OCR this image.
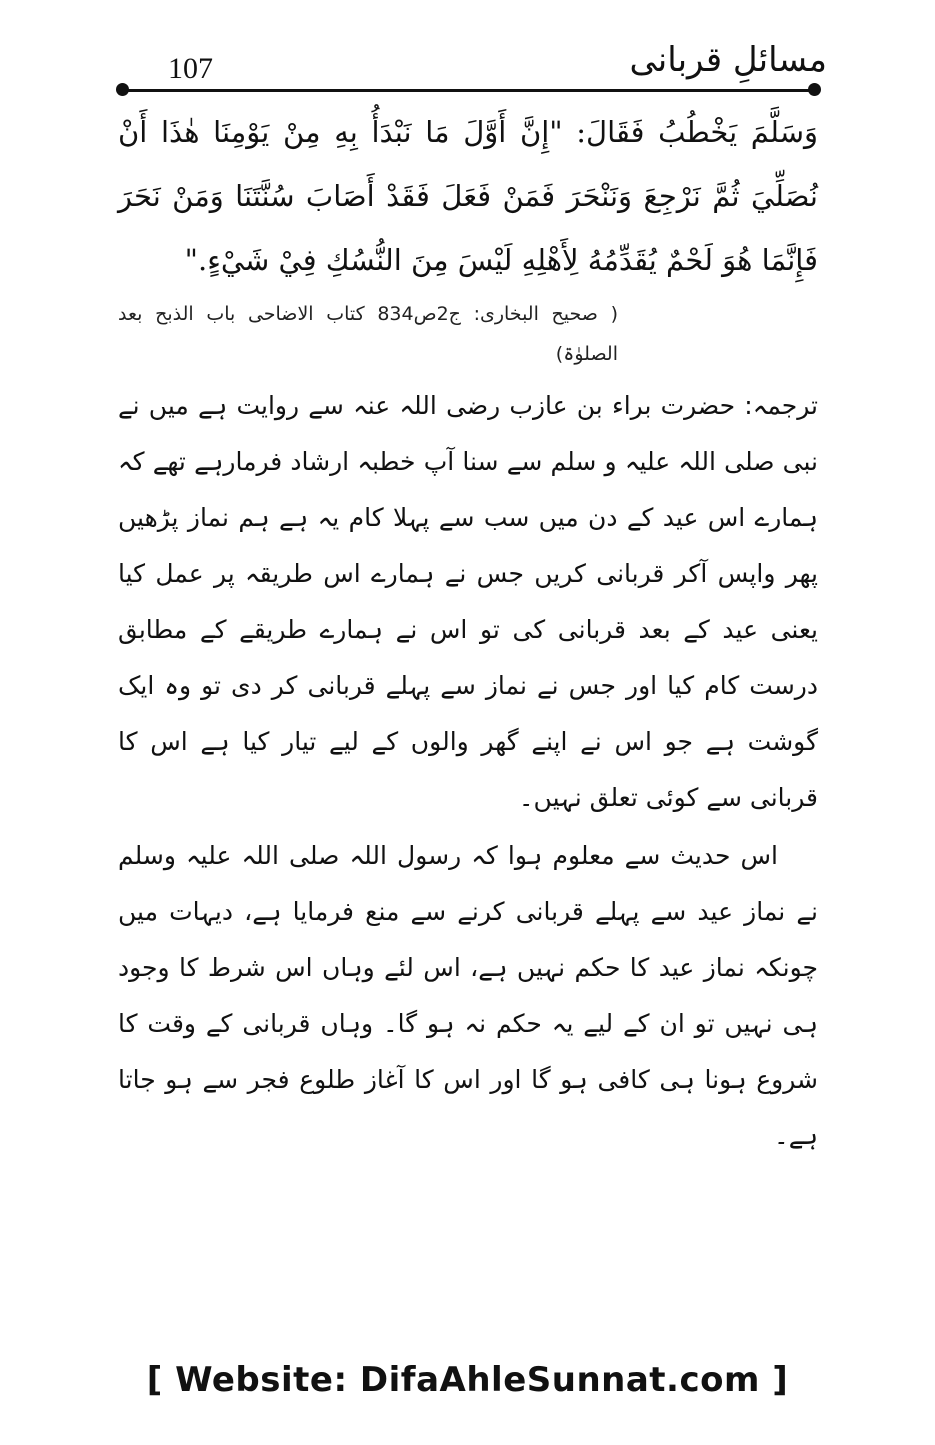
107	مسائلِ قربانی

وَسَلَّمَ يَخْطُبُ فَقَالَ: "إِنَّ أَوَّلَ مَا نَبْدَأُ بِهِ مِنْ يَوْمِنَا هٰذَا أَنْ نُصَلِّيَ ثُمَّ نَرْجِعَ وَنَنْحَرَ فَمَنْ فَعَلَ فَقَدْ أَصَابَ سُنَّتَنَا وَمَنْ نَحَرَ فَإِنَّمَا هُوَ لَحْمٌ يُقَدِّمُهُ لِأَهْلِهِ لَيْسَ مِنَ النُّسُكِ فِيْ شَيْءٍ."

( صحیح البخاری: ج2ص834 کتاب الاضاحی باب الذبح بعد الصلوٰۃ)

ترجمہ: حضرت براء بن عازب رضی اللہ عنہ سے روایت ہے میں نے نبی صلی اللہ علیہ و سلم سے سنا آپ خطبہ ارشاد فرمارہے تھے کہ ہمارے اس عید کے دن میں سب سے پہلا کام یہ ہے ہم نماز پڑھیں پھر واپس آکر قربانی کریں جس نے ہمارے اس طریقہ پر عمل کیا یعنی عید کے بعد قربانی کی تو اس نے ہمارے طریقے کے مطابق درست کام کیا اور جس نے نماز سے پہلے قربانی کر دی تو وہ ایک گوشت ہے جو اس نے اپنے گھر والوں کے لیے تیار کیا ہے اس کا قربانی سے کوئی تعلق نہیں۔

اس حدیث سے معلوم ہوا کہ رسول اللہ صلی اللہ علیہ وسلم نے نماز عید سے پہلے قربانی کرنے سے منع فرمایا ہے، دیہات میں چونکہ نماز عید کا حکم نہیں ہے، اس لئے وہاں اس شرط کا وجود ہی نہیں تو ان کے لیے یہ حکم نہ ہو گا۔ وہاں قربانی کے وقت کا شروع ہونا ہی کافی ہو گا اور اس کا آغاز طلوع فجر سے ہو جاتا ہے۔

[ Website: DifaAhleSunnat.com ]
